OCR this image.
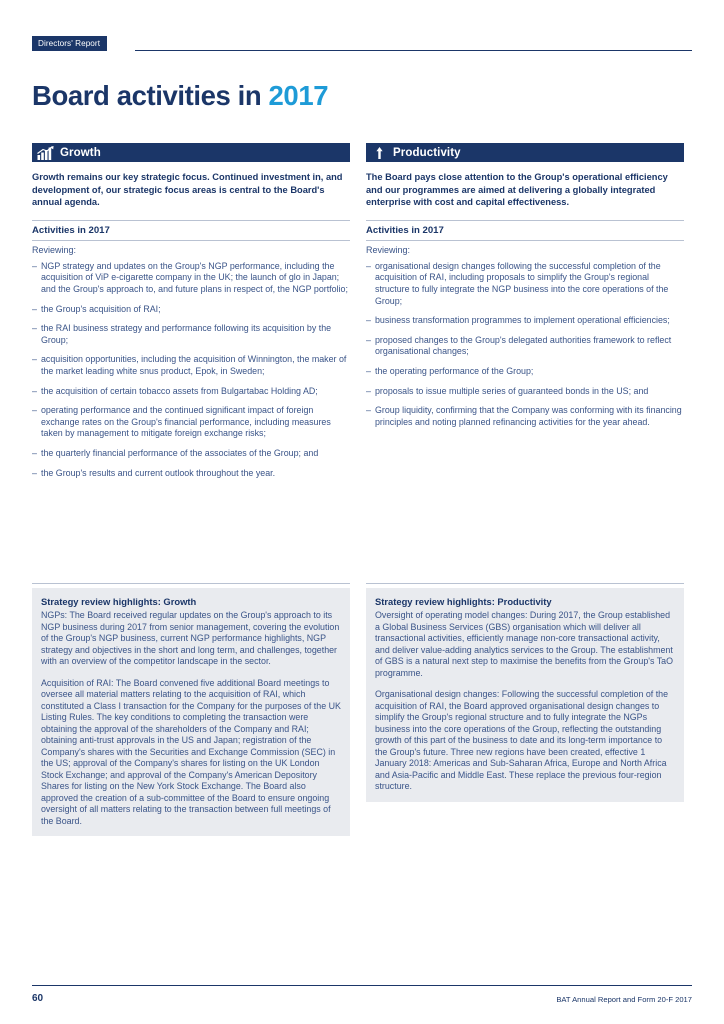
Directors' Report
Board activities in 2017
Growth
Growth remains our key strategic focus. Continued investment in, and development of, our strategic focus areas is central to the Board's annual agenda.
Activities in 2017
Reviewing:
– NGP strategy and updates on the Group's NGP performance, including the acquisition of ViP e-cigarette company in the UK; the launch of glo in Japan; and the Group's approach to, and future plans in respect of, the NGP portfolio;
– the Group's acquisition of RAI;
– the RAI business strategy and performance following its acquisition by the Group;
– acquisition opportunities, including the acquisition of Winnington, the maker of the market leading white snus product, Epok, in Sweden;
– the acquisition of certain tobacco assets from Bulgartabac Holding AD;
– operating performance and the continued significant impact of foreign exchange rates on the Group's financial performance, including measures taken by management to mitigate foreign exchange risks;
– the quarterly financial performance of the associates of the Group; and
– the Group's results and current outlook throughout the year.
Productivity
The Board pays close attention to the Group's operational efficiency and our programmes are aimed at delivering a globally integrated enterprise with cost and capital effectiveness.
Activities in 2017
Reviewing:
– organisational design changes following the successful completion of the acquisition of RAI, including proposals to simplify the Group's regional structure to fully integrate the NGP business into the core operations of the Group;
– business transformation programmes to implement operational efficiencies;
– proposed changes to the Group's delegated authorities framework to reflect organisational changes;
– the operating performance of the Group;
– proposals to issue multiple series of guaranteed bonds in the US; and
– Group liquidity, confirming that the Company was conforming with its financing principles and noting planned refinancing activities for the year ahead.
Strategy review highlights: Growth

NGPs: The Board received regular updates on the Group's approach to its NGP business during 2017 from senior management, covering the evolution of the Group's NGP business, current NGP performance highlights, NGP strategy and objectives in the short and long term, and challenges, together with an overview of the competitor landscape in the sector.

Acquisition of RAI: The Board convened five additional Board meetings to oversee all material matters relating to the acquisition of RAI, which constituted a Class I transaction for the Company for the purposes of the UK Listing Rules. The key conditions to completing the transaction were obtaining the approval of the shareholders of the Company and RAI; obtaining anti-trust approvals in the US and Japan; registration of the Company's shares with the Securities and Exchange Commission (SEC) in the US; approval of the Company's shares for listing on the UK London Stock Exchange; and approval of the Company's American Depository Shares for listing on the New York Stock Exchange. The Board also approved the creation of a sub-committee of the Board to ensure ongoing oversight of all matters relating to the transaction between full meetings of the Board.

Strategy review highlights: Productivity

Oversight of operating model changes: During 2017, the Group established a Global Business Services (GBS) organisation which will deliver all transactional activities, efficiently manage non-core transactional activity, and deliver value-adding analytics services to the Group. The establishment of GBS is a natural next step to maximise the benefits from the Group's TaO programme.

Organisational design changes: Following the successful completion of the acquisition of RAI, the Board approved organisational design changes to simplify the Group's regional structure and to fully integrate the NGPs business into the core operations of the Group, reflecting the outstanding growth of this part of the business to date and its long-term importance to the Group's future. Three new regions have been created, effective 1 January 2018: Americas and Sub-Saharan Africa, Europe and North Africa and Asia-Pacific and Middle East. These replace the previous four-region structure.

60	BAT Annual Report and Form 20-F 2017
